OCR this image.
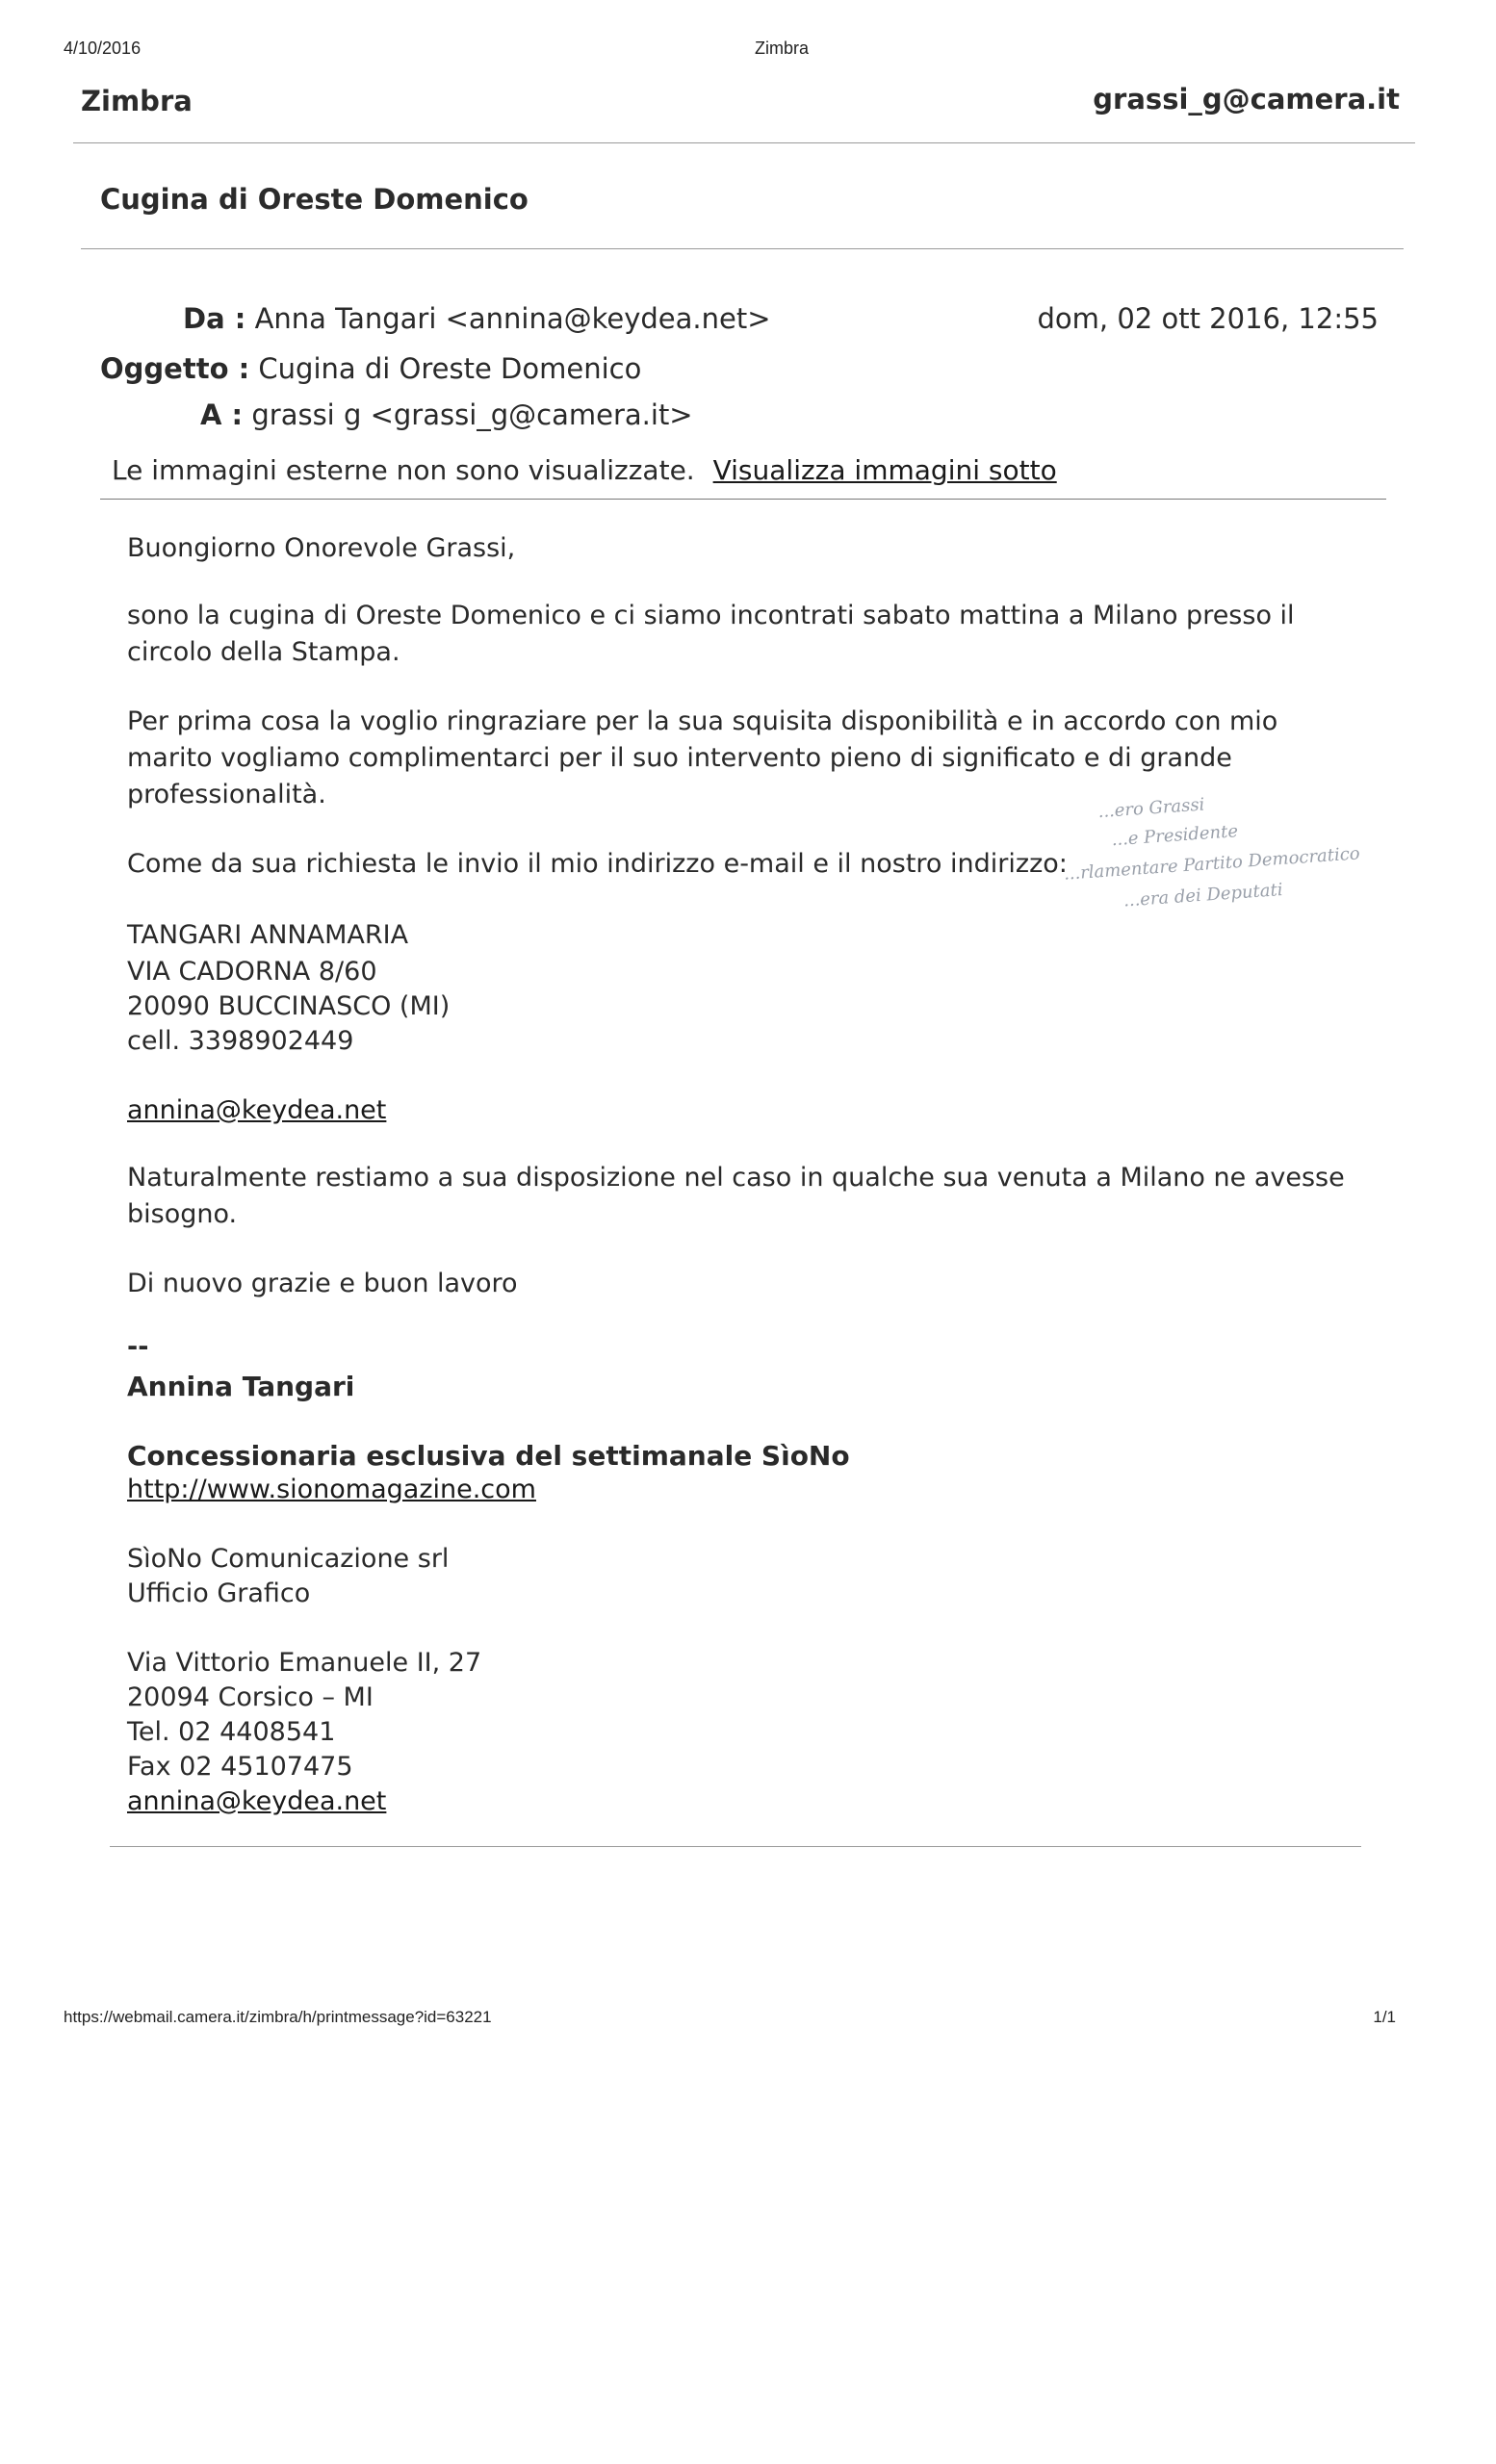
4/10/2016	Zimbra
Zimbra	grassi_g@camera.it
Cugina di Oreste Domenico
Da : Anna Tangari <annina@keydea.net>	dom, 02 ott 2016, 12:55
Oggetto : Cugina di Oreste Domenico
A : grassi g <grassi_g@camera.it>
Le immagini esterne non sono visualizzate. Visualizza immagini sotto
Buongiorno Onorevole Grassi,
sono la cugina di Oreste Domenico e ci siamo incontrati sabato mattina a Milano presso il
circolo della Stampa.
Per prima cosa la voglio ringraziare per la sua squisita disponibilità e in accordo con mio
marito vogliamo complimentarci per il suo intervento pieno di significato e di grande
professionalità.
Come da sua richiesta le invio il mio indirizzo e-mail e il nostro indirizzo:
TANGARI ANNAMARIA
VIA CADORNA 8/60
20090 BUCCINASCO (MI)
cell. 3398902449
annina@keydea.net
Naturalmente restiamo a sua disposizione nel caso in qualche sua venuta a Milano ne avesse
bisogno.
Di nuovo grazie e buon lavoro
--
Annina Tangari
Concessionaria esclusiva del settimanale SìoNo
http://www.sionomagazine.com
SìoNo Comunicazione srl
Ufficio Grafico
Via Vittorio Emanuele II, 27
20094 Corsico – MI
Tel. 02 4408541
Fax 02 45107475
annina@keydea.net
...ero Grassi
...e Presidente
...rlamentare Partito Democratico
...era dei Deputati
https://webmail.camera.it/zimbra/h/printmessage?id=63221	1/1
